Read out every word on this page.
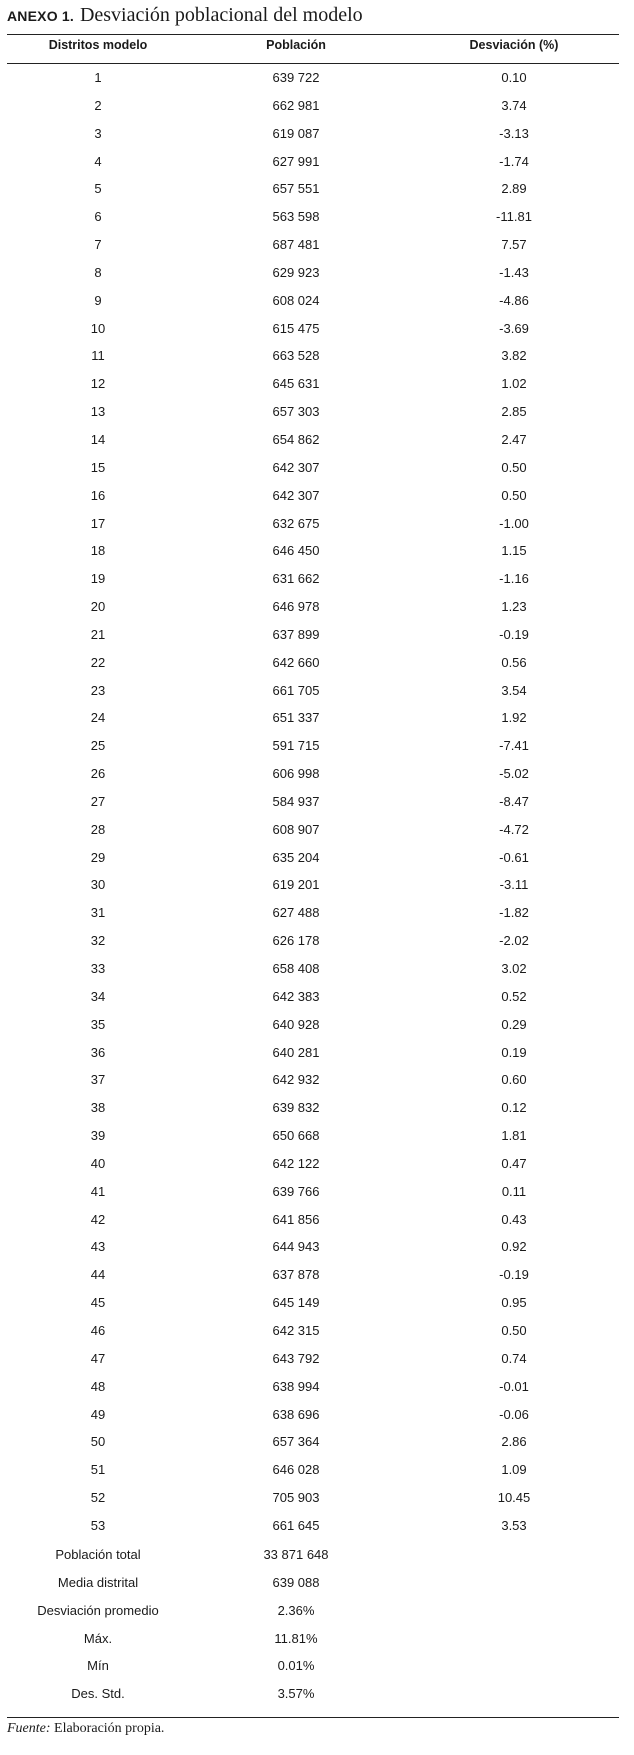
ANEXO 1. Desviación poblacional del modelo
Distritos modelo	Población	Desviación (%)
1	639 722	0.10
2	662 981	3.74
3	619 087	-3.13
4	627 991	-1.74
5	657 551	2.89
6	563 598	-11.81
7	687 481	7.57
8	629 923	-1.43
9	608 024	-4.86
10	615 475	-3.69
11	663 528	3.82
12	645 631	1.02
13	657 303	2.85
14	654 862	2.47
15	642 307	0.50
16	642 307	0.50
17	632 675	-1.00
18	646 450	1.15
19	631 662	-1.16
20	646 978	1.23
21	637 899	-0.19
22	642 660	0.56
23	661 705	3.54
24	651 337	1.92
25	591 715	-7.41
26	606 998	-5.02
27	584 937	-8.47
28	608 907	-4.72
29	635 204	-0.61
30	619 201	-3.11
31	627 488	-1.82
32	626 178	-2.02
33	658 408	3.02
34	642 383	0.52
35	640 928	0.29
36	640 281	0.19
37	642 932	0.60
38	639 832	0.12
39	650 668	1.81
40	642 122	0.47
41	639 766	0.11
42	641 856	0.43
43	644 943	0.92
44	637 878	-0.19
45	645 149	0.95
46	642 315	0.50
47	643 792	0.74
48	638 994	-0.01
49	638 696	-0.06
50	657 364	2.86
51	646 028	1.09
52	705 903	10.45
53	661 645	3.53
Población total	33 871 648
Media distrital	639 088
Desviación promedio	2.36%
Máx.	11.81%
Mín	0.01%
Des. Std.	3.57%
Fuente: Elaboración propia.
